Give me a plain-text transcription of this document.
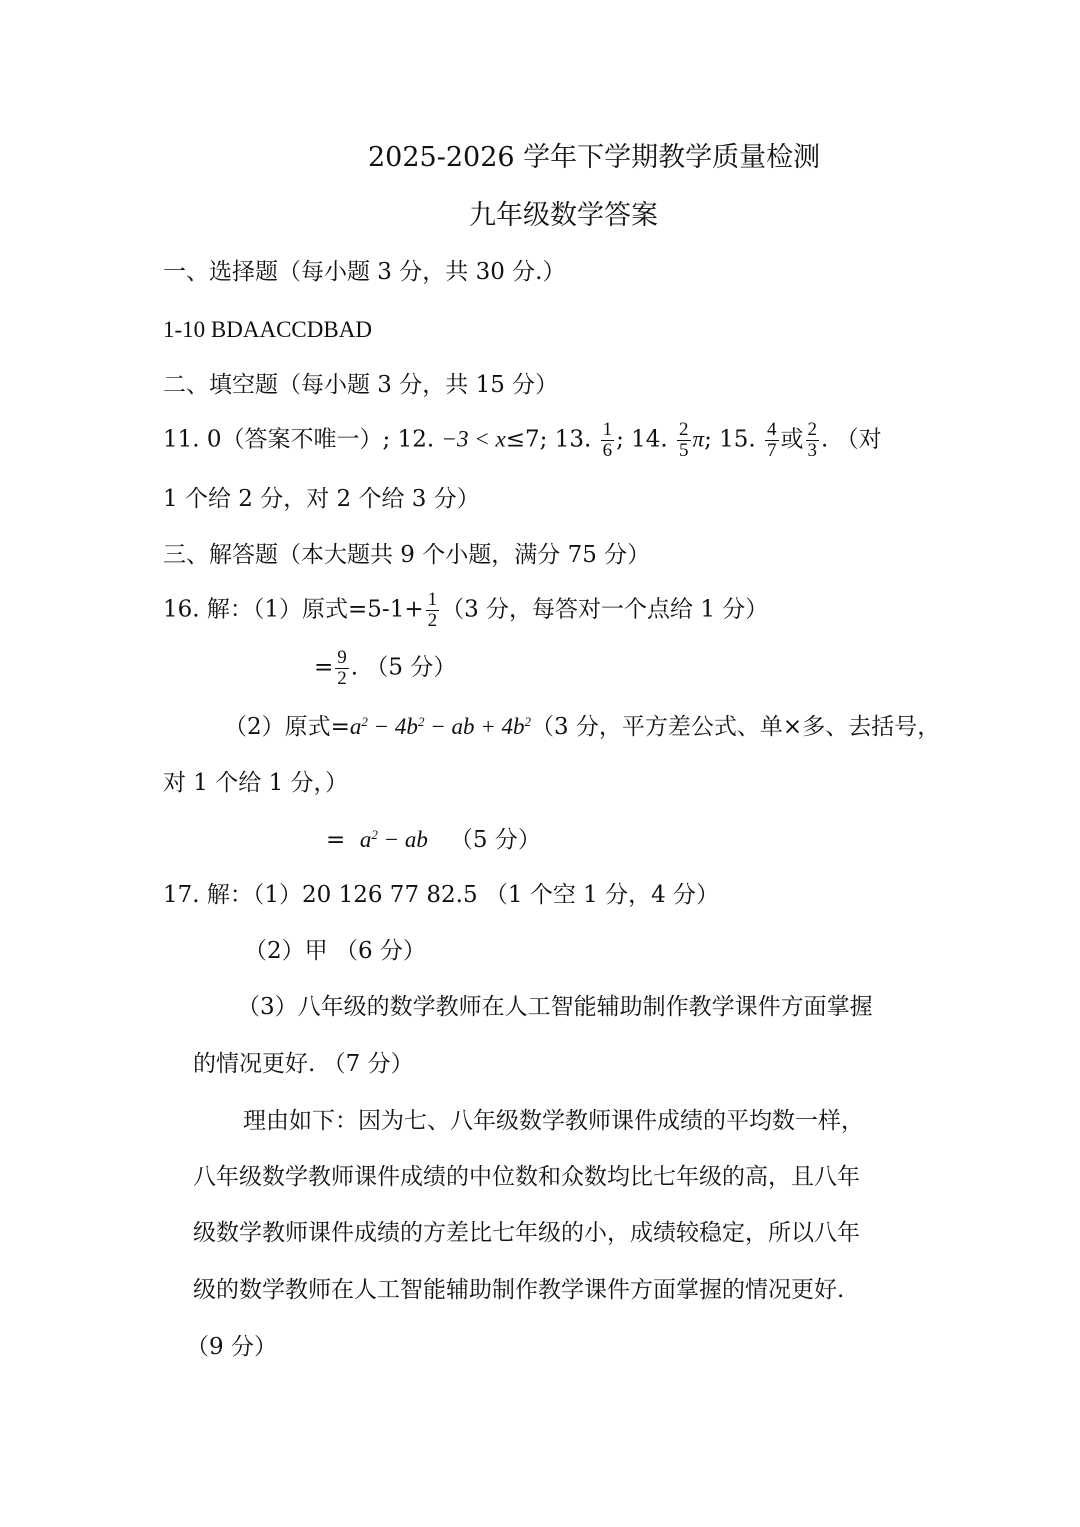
2025-2026 学年下学期教学质量检测
九年级数学答案
一、选择题（每小题 3 分，共 30 分.）
1-10 BDAACCDBAD
二、填空题（每小题 3 分，共 15 分）
11. 0（答案不唯一）; 12. −3 < x≤7; 13. $\frac{1}{6}$ ; 14. $\frac{2}{5} \pi$; 15. $\frac{4}{7}$ 或 $\frac{2}{3}$ . （对
1 个给 2 分，对 2 个给 3 分）
三、解答题（本大题共 9 个小题，满分 75 分）
16. 解：（1）原式$=5-1+ \frac{1}{2} (3$ 分，每答对一个点给 1 分）
= $\frac{9}{2}$ . （5 分）
（2）原式$=a^2 - 4b^2$ − ab + $4b^2(3$ 分，平方差公式、单×多、去括号，
对 1 个给 1 分，）
= $a^2$ − ab （5 分）
17. 解：（1）20 126 77 82.5 （1 个空 1 分，4 分）
（2）甲 （6 分）
（3）八年级的数学教师在人工智能辅助制作教学课件方面掌握
的情况更好. （7 分）
理由如下：因为七、八年级数学教师课件成绩的平均数一样，
八年级数学教师课件成绩的中位数和众数均比七年级的高，且八年
级数学教师课件成绩的方差比七年级的小，成绩较稳定，所以八年
级的数学教师在人工智能辅助制作教学课件方面掌握的情况更好.
（9 分）
